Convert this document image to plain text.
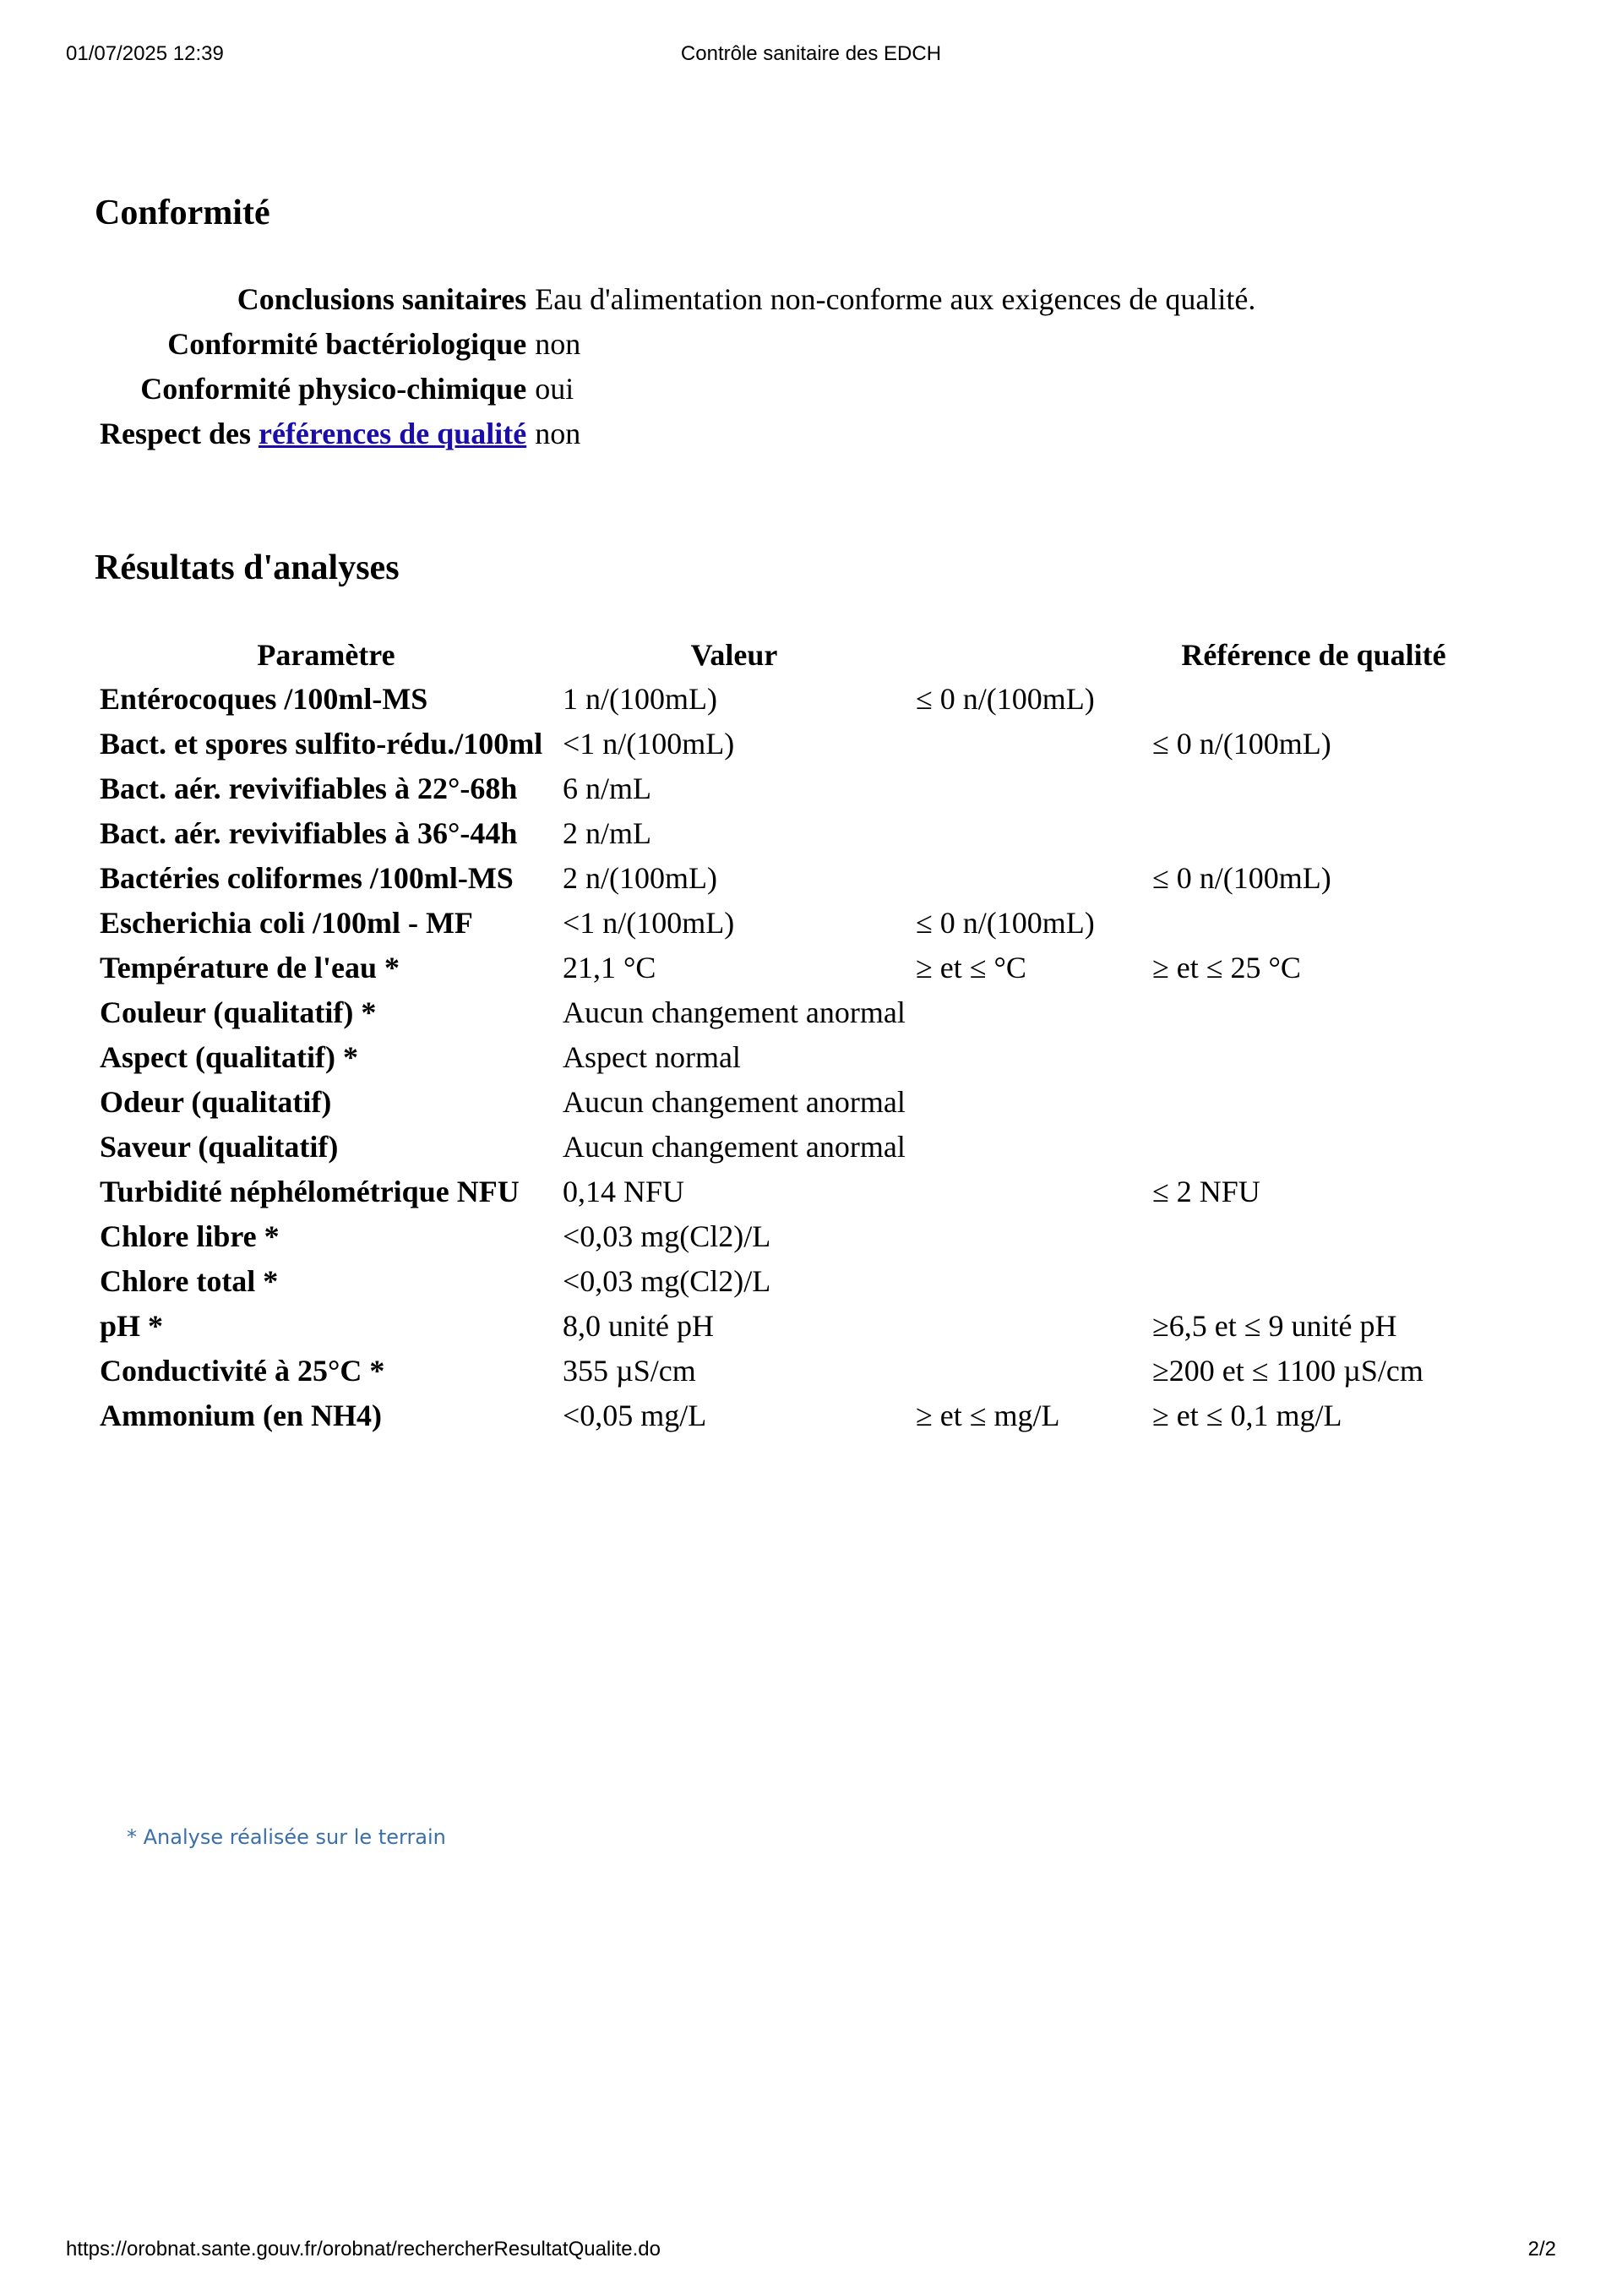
01/07/2025 12:39	Contrôle sanitaire des EDCH
Conformité
Conclusions sanitaires	Eau d'alimentation non-conforme aux exigences de qualité.
Conformité bactériologique	non
Conformité physico-chimique	oui
Respect des références de qualité	non
Résultats d'analyses
Paramètre	Valeur		Référence de qualité
Entérocoques /100ml-MS	1 n/(100mL)	≤ 0 n/(100mL)	
Bact. et spores sulfito-rédu./100ml	<1 n/(100mL)		≤ 0 n/(100mL)
Bact. aér. revivifiables à 22°-68h	6 n/mL		
Bact. aér. revivifiables à 36°-44h	2 n/mL		
Bactéries coliformes /100ml-MS	2 n/(100mL)		≤ 0 n/(100mL)
Escherichia coli /100ml - MF	<1 n/(100mL)	≤ 0 n/(100mL)	
Température de l'eau *	21,1 °C	≥ et ≤ °C	≥ et ≤ 25 °C
Couleur (qualitatif) *	Aucun changement anormal		
Aspect (qualitatif) *	Aspect normal		
Odeur (qualitatif)	Aucun changement anormal		
Saveur (qualitatif)	Aucun changement anormal		
Turbidité néphélométrique NFU	0,14 NFU		≤ 2 NFU
Chlore libre *	<0,03 mg(Cl2)/L		
Chlore total *	<0,03 mg(Cl2)/L		
pH *	8,0 unité pH		≥6,5 et ≤ 9 unité pH
Conductivité à 25°C *	355 µS/cm		≥200 et ≤ 1100 µS/cm
Ammonium (en NH4)	<0,05 mg/L	≥ et ≤ mg/L	≥ et ≤ 0,1 mg/L
* Analyse réalisée sur le terrain
https://orobnat.sante.gouv.fr/orobnat/rechercherResultatQualite.do	2/2
